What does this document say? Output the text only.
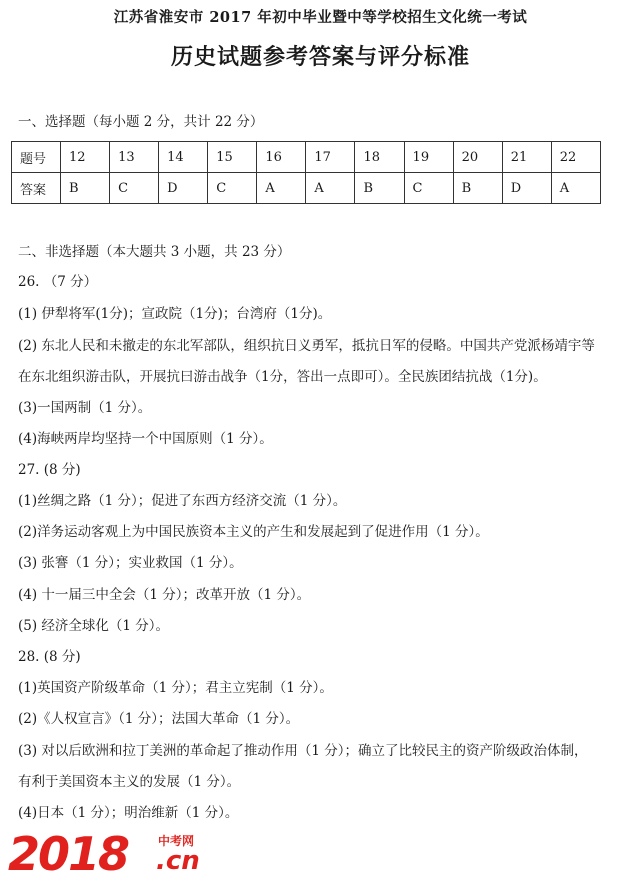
江苏省淮安市 2017 年初中毕业暨中等学校招生文化统一考试
历史试题参考答案与评分标准
一、选择题（每小题 2 分，共计 22 分）
题号	12	13	14	15	16	17	18	19	20	21	22
答案	B	C	D	C	A	A	B	C	B	D	A
二、非选择题（本大题共 3 小题，共 23 分）
26. （7 分）
(1) 伊犁将军(1分)；宣政院（1分)；台湾府（1分)。
(2) 东北人民和未撤走的东北军部队，组织抗日义勇军，抵抗日军的侵略。中国共产党派杨靖宇等
在东北组织游击队，开展抗曰游击战争（1分，答出一点即可）。全民族团结抗战（1分)。
(3)一国两制（1 分）。
(4)海峡两岸均坚持一个中国原则（1 分）。
27. (8 分)
(1)丝绸之路（1 分）；促进了东西方经济交流（1 分）。
(2)洋务运动客观上为中国民族资本主义的产生和发展起到了促进作用（1 分）。
(3) 张謇（1 分）；实业救国（1 分）。
(4) 十一届三中全会（1 分）；改革开放（1 分）。
(5) 经济全球化（1 分）。
28. (8 分)
(1)英国资产阶级革命（1 分）；君主立宪制（1 分）。
(2)《人权宣言》（1 分）；法国大革命（1 分）。
(3) 对以后欧洲和拉丁美洲的革命起了推动作用（1 分）；确立了比较民主的资产阶级政治体制，
有利于美国资本主义的发展（1 分）。
(4)日本（1 分）；明治维新（1 分）。
2018 中考网
.cn
